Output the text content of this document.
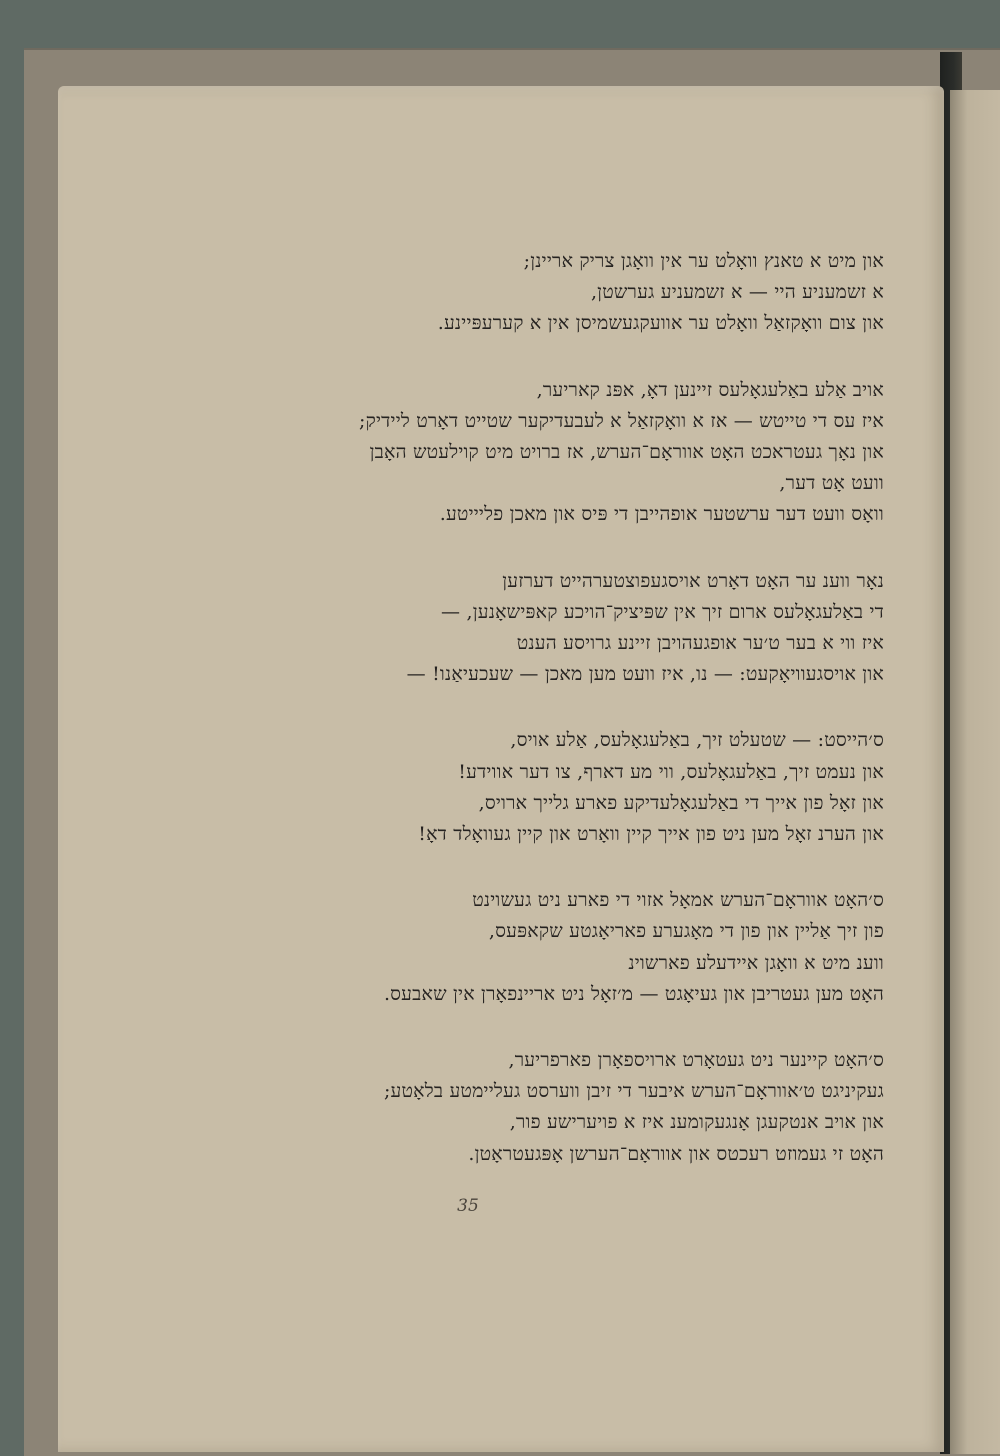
און מיט א טאנץ וואָלט ער אין וואָגן צריק אריינן;
א זשמעניע היי — א זשמעניע גערשטן,
און צום וואָקזאַל וואָלט ער אוועקגעשמיסן אין א קערעפּיינע.
אויב אַלע באַלעגאָלעס זיינען דאָ, אפּנ קאריער,
איז עס די טייטש — אז א וואָקזאַל א לעבעדיקער שטייט דאָרט ליידיק;
און נאָך געטראכט האָט אווראָם־הערש, אז ברויט מיט קוילעטש האָבן
וועט אָט דער,
וואָס וועט דער ערשטער אופהייבן די פּיס און מאכן פליייטע.
נאָר ווענ ער האָט דאָרט אויסגעפוצטערהייט דערזען
די באַלעגאָלעס ארום זיך אין שפּיציק־הויכע קאפּישאָנען, —
איז ווי א בער ט׳ער אופגעהויבן זיינע גרויסע הענט
און אויסגעוויאָקעט: — נו, איז וועט מען מאכן — שעכעיאַנו! —
ס׳הייסט: — שטעלט זיך, באַלעגאָלעס, אַלע אויס,
און נעמט זיך, באַלעגאָלעס, ווי מע דארף, צו דער אווידע!
און זאָל פון אייך די באַלעגאָלעדיקע פארע גלייך ארויס,
און הערנ זאָל מען ניט פון אייך קיין וואָרט און קיין געוואָלד דאָ!
ס׳האָט אווראָם־הערש אמאָל אזוי די פארע ניט געשוינט
פון זיך אַליין און פון די מאָגערע פאריאָגטע שקאפּעס,
ווענ מיט א וואָגן איידעלע פארשוינ
האָט מען געטריבן און געיאָגט — מ׳זאָל ניט אריינפאָרן אין שאבעס.
ס׳האָט קיינער ניט געטאָרט ארויספאָרן פארפריער,
געקיניגט ט׳אווראָם־הערש איבער די זיבן ווערסט געליימטע בלאָטע;
און אויב אנטקעגן אָנגעקומענ איז א פויערישע פור,
האָט זי געמוזט רעכטס און אווראָם־הערשן אָפּגעטראָטן.
35
